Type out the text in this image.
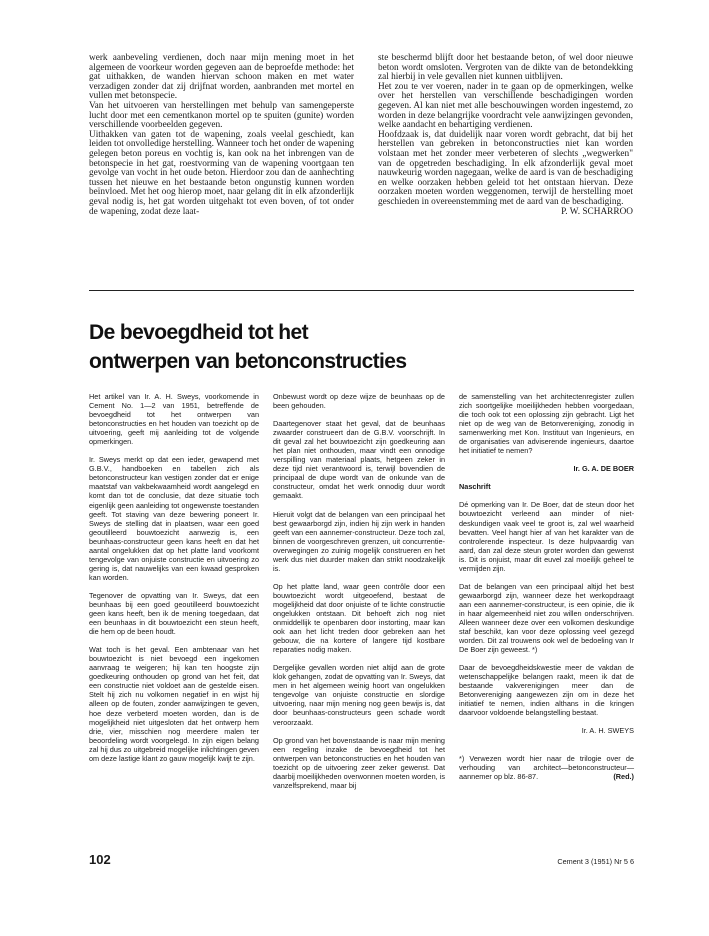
werk aanbeveling verdienen, doch naar mijn mening moet in het algemeen de voorkeur worden gegeven aan de beproefde methode: het gat uithakken, de wanden hiervan schoon maken en met water verzadigen zonder dat zij drijfnat worden, aanbranden met mortel en vullen met betonspecie.

Van het uitvoeren van herstellingen met behulp van samengeperste lucht door met een cementkanon mortel op te spuiten (gunite) worden verschillende voorbeelden gegeven.

Uithakken van gaten tot de wapening, zoals veelal geschiedt, kan leiden tot onvolledige herstelling. Wanneer toch het onder de wapening gelegen beton poreus en vochtig is, kan ook na het inbrengen van de betonspecie in het gat, roestvorming van de wapening voortgaan ten gevolge van vocht in het oude beton. Hierdoor zou dan de aanhechting tussen het nieuwe en het bestaande beton ongunstig kunnen worden beïnvloed. Met het oog hierop moet, naar gelang dit in elk afzonderlijk geval nodig is, het gat worden uitgehakt tot even boven, of tot onder de wapening, zodat deze laat-

ste beschermd blijft door het bestaande beton, of wel door nieuwe beton wordt omsloten. Vergroten van de dikte van de betondekking zal hierbij in vele gevallen niet kunnen uitblijven.

Het zou te ver voeren, nader in te gaan op de opmerkingen, welke over het herstellen van verschillende beschadigingen worden gegeven. Al kan niet met alle beschouwingen worden ingestemd, zo worden in deze belangrijke voordracht vele aanwijzingen gevonden, welke aandacht en behartiging verdienen.

Hoofdzaak is, dat duidelijk naar voren wordt gebracht, dat bij het herstellen van gebreken in betonconstructies niet kan worden volstaan met het zonder meer verbeteren of slechts „wegwerken" van de opgetreden beschadiging. In elk afzonderlijk geval moet nauwkeurig worden nagegaan, welke de aard is van de beschadiging en welke oorzaken hebben geleid tot het ontstaan hiervan. Deze oorzaken moeten worden weggenomen, terwijl de herstelling moet geschieden in overeenstemming met de aard van de beschadiging.

P. W. SCHARROO

De bevoegdheid tot het
ontwerpen van betonconstructies

Het artikel van Ir. A. H. Sweys, voorkomende in Cement No. 1—2 van 1951, betreffende de bevoegdheid tot het ontwerpen van betonconstructies en het houden van toezicht op de uitvoering, geeft mij aanleiding tot de volgende opmerkingen.

Ir. Sweys merkt op dat een ieder, gewapend met G.B.V., handboeken en tabellen zich als betonconstructeur kan vestigen zonder dat er enige maatstaf van vakbekwaamheid wordt aangelegd en komt dan tot de conclusie, dat deze situatie toch eigenlijk geen aanleiding tot ongewenste toestanden geeft. Tot staving van deze bewering poneert Ir. Sweys de stelling dat in plaatsen, waar een goed geoutilleerd bouwtoezicht aanwezig is, een beunhaas-constructeur geen kans heeft en dat het aantal ongelukken dat op het platte land voorkomt tengevolge van onjuiste constructie en uitvoering zo gering is, dat nauwelijks van een kwaad gesproken kan worden.

Tegenover de opvatting van Ir. Sweys, dat een beunhaas bij een goed geoutilleerd bouwtoezicht geen kans heeft, ben ik de mening toegedaan, dat een beunhaas in dit bouwtoezicht een steun heeft, die hem op de been houdt.

Wat toch is het geval. Een ambtenaar van het bouwtoezicht is niet bevoegd een ingekomen aanvraag te weigeren; hij kan ten hoogste zijn goedkeuring onthouden op grond van het feit, dat een constructie niet voldoet aan de gestelde eisen. Stelt hij zich nu volkomen negatief in en wijst hij alleen op de fouten, zonder aanwijzingen te geven, hoe deze verbeterd moeten worden, dan is de mogelijkheid niet uitgesloten dat het ontwerp hem drie, vier, misschien nog meerdere malen ter beoordeling wordt voorgelegd. In zijn eigen belang zal hij dus zo uitgebreid mogelijke inlichtingen geven om deze lastige klant zo gauw mogelijk kwijt te zijn.

Onbewust wordt op deze wijze de beunhaas op de been gehouden.

Daartegenover staat het geval, dat de beunhaas zwaarder construeert dan de G.B.V. voorschrijft. In dit geval zal het bouwtoezicht zijn goedkeuring aan het plan niet onthouden, maar vindt een onnodige verspilling van materiaal plaats, hetgeen zeker in deze tijd niet verantwoord is, terwijl bovendien de principaal de dupe wordt van de onkunde van de constructeur, omdat het werk onnodig duur wordt gemaakt.

Hieruit volgt dat de belangen van een principaal het best gewaarborgd zijn, indien hij zijn werk in handen geeft van een aannemer-constructeur. Deze toch zal, binnen de voorgeschreven grenzen, uit concurrentie-overwegingen zo zuinig mogelijk construeren en het werk dus niet duurder maken dan strikt noodzakelijk is.

Op het platte land, waar geen contrôle door een bouwtoezicht wordt uitgeoefend, bestaat de mogelijkheid dat door onjuiste of te lichte constructie ongelukken ontstaan. Dit behoeft zich nog niet onmiddellijk te openbaren door instorting, maar kan ook aan het licht treden door gebreken aan het gebouw, die na kortere of langere tijd kostbare reparaties nodig maken.

Dergelijke gevallen worden niet altijd aan de grote klok gehangen, zodat de opvatting van Ir. Sweys, dat men in het algemeen weinig hoort van ongelukken tengevolge van onjuiste constructie en slordige uitvoering, naar mijn mening nog geen bewijs is, dat door beunhaas-constructeurs geen schade wordt veroorzaakt.

Op grond van het bovenstaande is naar mijn mening een regeling inzake de bevoegdheid tot het ontwerpen van betonconstructies en het houden van toezicht op de uitvoering zeer zeker gewenst. Dat daarbij moeilijkheden overwonnen moeten worden, is vanzelfsprekend, maar bij

de samenstelling van het architectenregister zullen zich soortgelijke moeilijkheden hebben voorgedaan, die toch ook tot een oplossing zijn gebracht. Ligt het niet op de weg van de Betonvereniging, zonodig in samenwerking met Kon. Instituut van Ingenieurs, en de organisaties van adviserende ingenieurs, daartoe het initiatief te nemen?

Ir. G. A. DE BOER

Naschrift

Dé opmerking van Ir. De Boer, dat de steun door het bouwtoezicht verleend aan minder of niet-deskundigen vaak veel te groot is, zal wel waarheid bevatten. Veel hangt hier af van het karakter van de controlerende inspecteur. Is deze hulpvaardig van aard, dan zal deze steun groter worden dan gewenst is. Dit is onjuist, maar dit euvel zal moeilijk geheel te vermijden zijn.

Dat de belangen van een principaal altijd het best gewaarborgd zijn, wanneer deze het werkopdraagt aan een aannemer-constructeur, is een opinie, die ik in haar algemeenheid niet zou willen onderschrijven. Alleen wanneer deze over een volkomen deskundige staf beschikt, kan voor deze oplossing veel gezegd worden. Dit zal trouwens ook wel de bedoeling van Ir De Boer zijn geweest. *)

Daar de bevoegdheidskwestie meer de vakdan de wetenschappelijke belangen raakt, meen ik dat de bestaande vakverenigingen meer dan de Betonvereniging aangewezen zijn om in deze het initiatief te nemen, indien althans in die kringen daarvoor voldoende belangstelling bestaat.

Ir. A. H. SWEYS

*) Verwezen wordt hier naar de trilogie over de verhouding van architect—betonconstructeur—aannemer op blz. 86-87.	(Red.)

102	Cement 3 (1951) Nr 5 6
